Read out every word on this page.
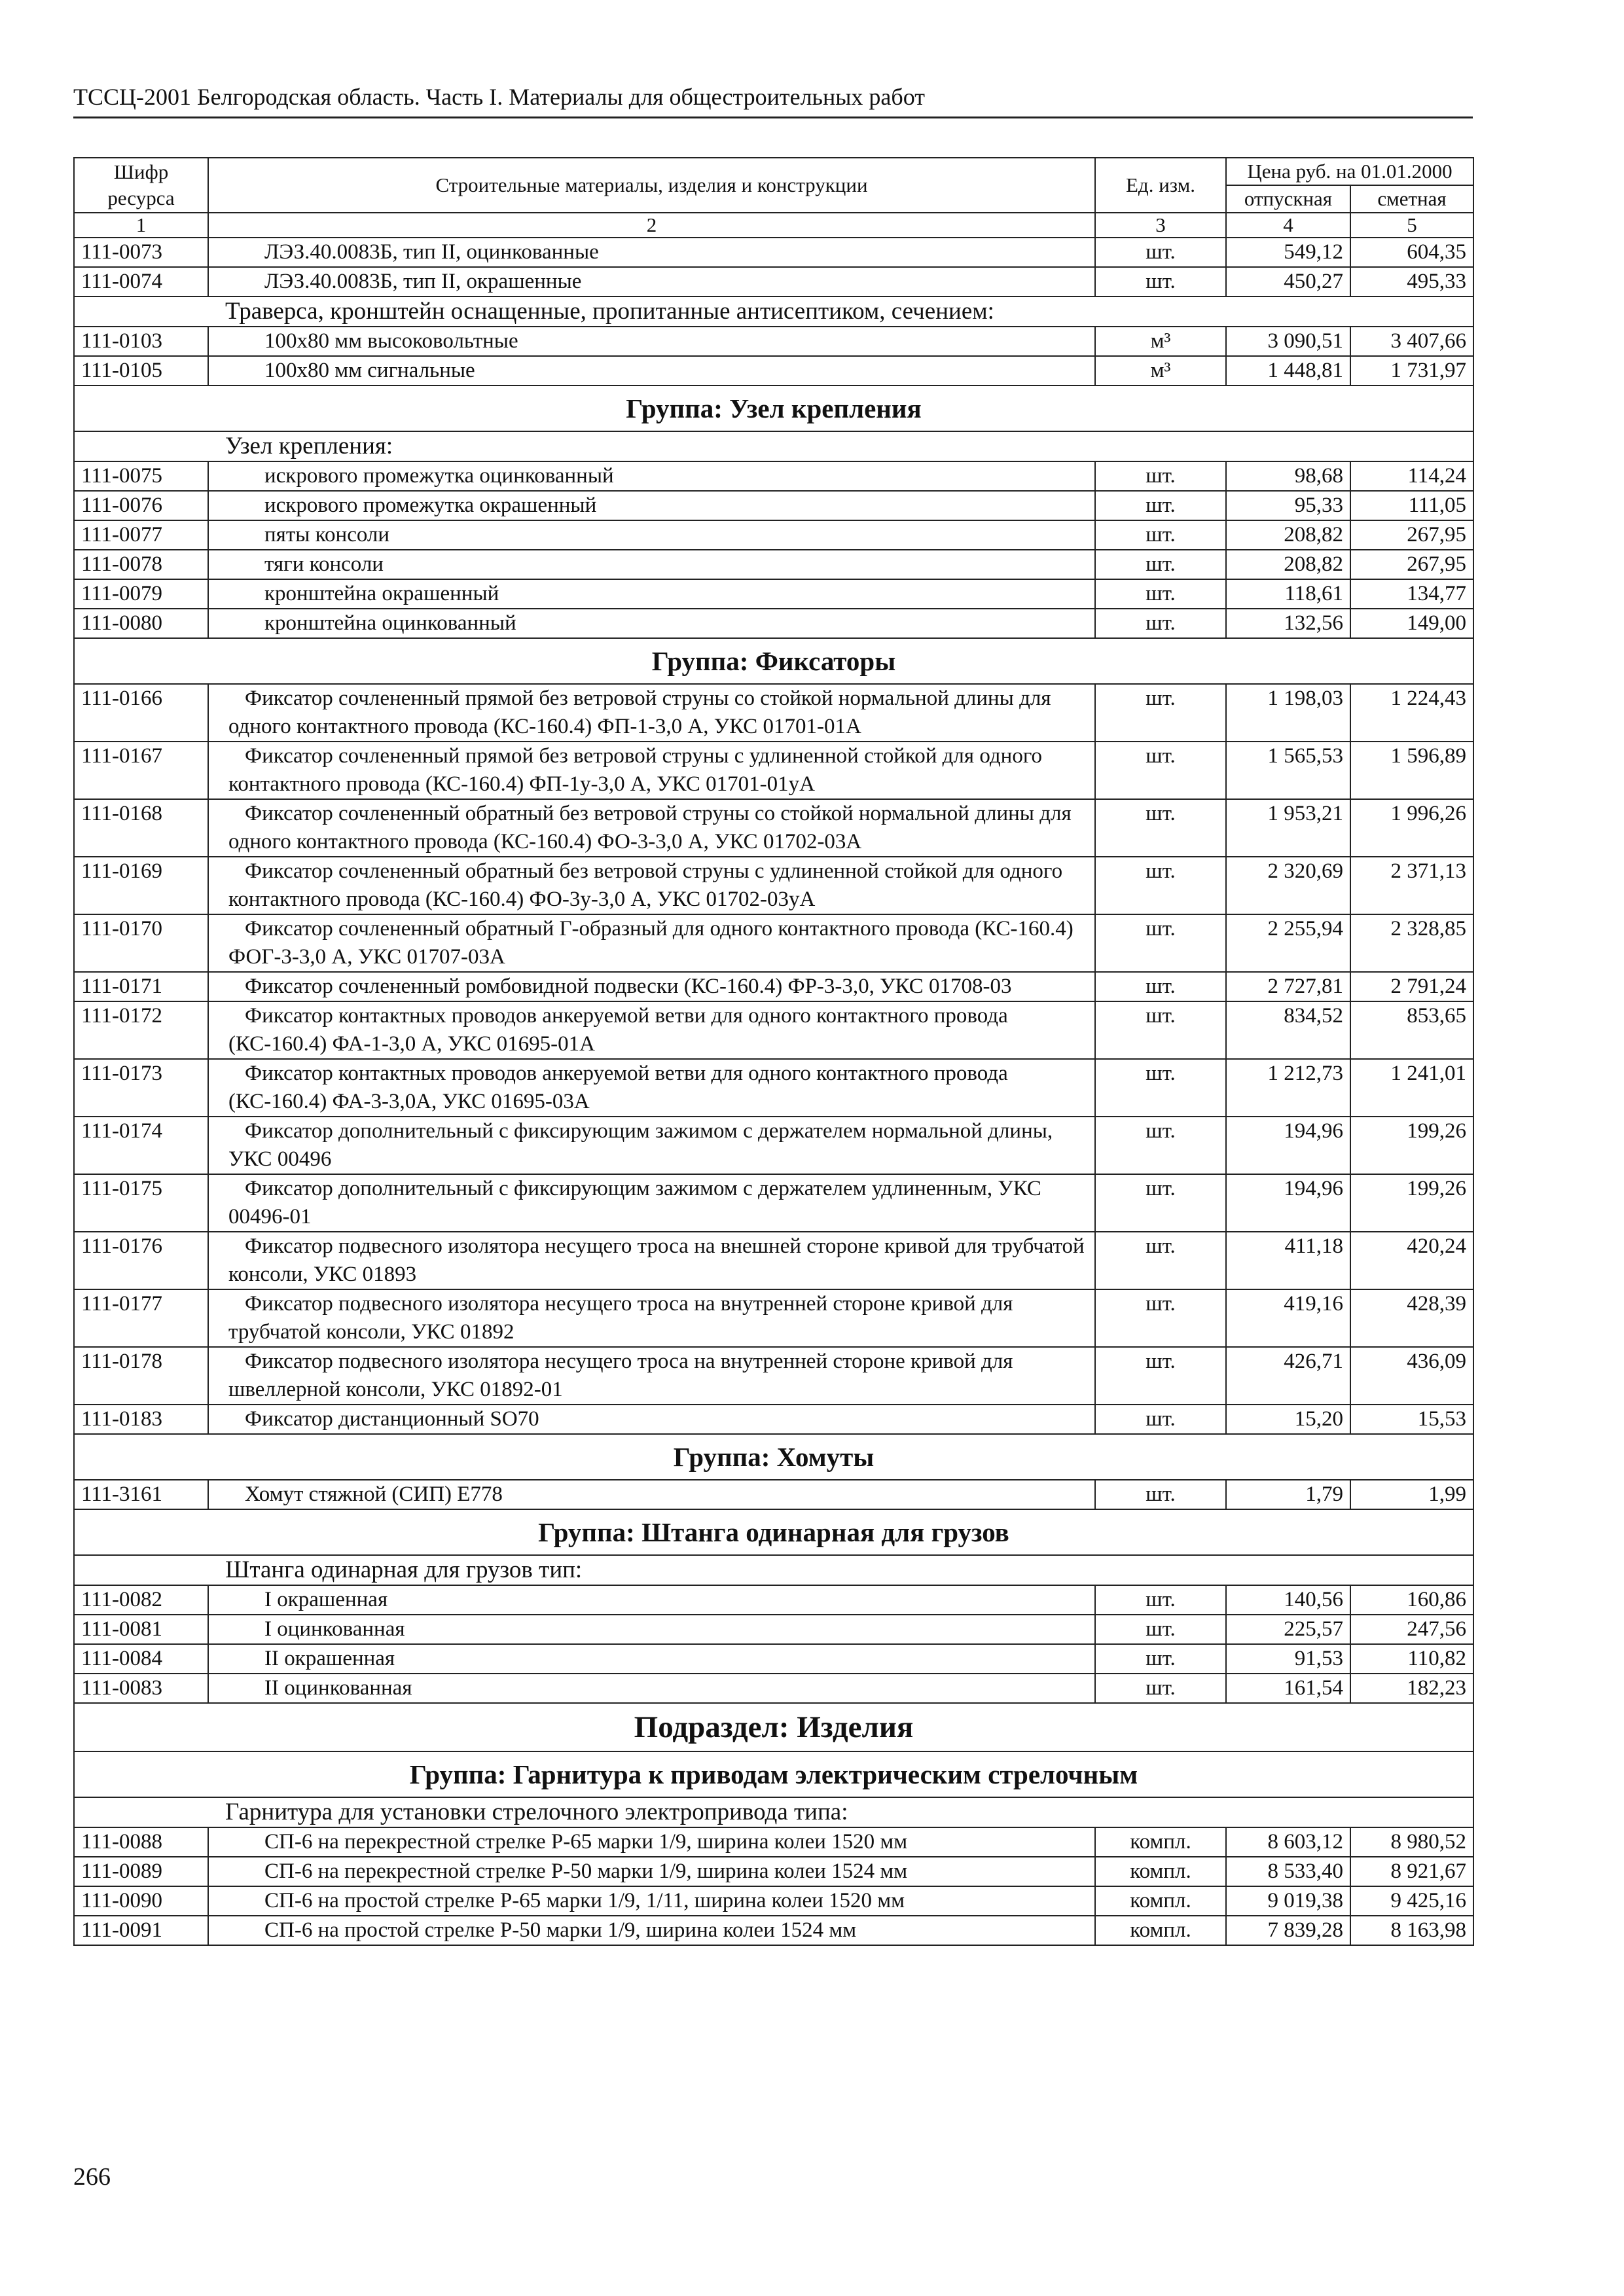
ТССЦ-2001 Белгородская область. Часть I. Материалы для общестроительных работ
Шифр ресурса	Строительные материалы, изделия и конструкции	Ед. изм.	Цена руб. на 01.01.2000	
			отпускная	сметная
1	2	3	4	5
111-0073	ЛЭЗ.40.0083Б, тип II, оцинкованные	шт.	549,12	604,35
111-0074	ЛЭЗ.40.0083Б, тип II, окрашенные	шт.	450,27	495,33
Траверса, кронштейн оснащенные, пропитанные антисептиком, сечением:				
111-0103	100х80 мм высоковольтные	м³	3 090,51	3 407,66
111-0105	100х80 мм сигнальные	м³	1 448,81	1 731,97
Группа: Узел крепления				
Узел крепления:				
111-0075	искрового промежутка оцинкованный	шт.	98,68	114,24
111-0076	искрового промежутка окрашенный	шт.	95,33	111,05
111-0077	пяты консоли	шт.	208,82	267,95
111-0078	тяги консоли	шт.	208,82	267,95
111-0079	кронштейна окрашенный	шт.	118,61	134,77
111-0080	кронштейна оцинкованный	шт.	132,56	149,00
Группа: Фиксаторы				
111-0166	Фиксатор сочлененный прямой без ветровой струны со стойкой нормальной длины для одного контактного провода (КС-160.4) ФП-1-3,0 А, УКС 01701-01А	шт.	1 198,03	1 224,43
111-0167	Фиксатор сочлененный прямой без ветровой струны с удлиненной стойкой для одного контактного провода (КС-160.4) ФП-1у-3,0 А, УКС 01701-01уА	шт.	1 565,53	1 596,89
111-0168	Фиксатор сочлененный обратный без ветровой струны со стойкой нормальной длины для одного контактного провода (КС-160.4) ФО-3-3,0 А, УКС 01702-03А	шт.	1 953,21	1 996,26
111-0169	Фиксатор сочлененный обратный без ветровой струны с удлиненной стойкой для одного контактного провода (КС-160.4) ФО-3у-3,0 А, УКС 01702-03уА	шт.	2 320,69	2 371,13
111-0170	Фиксатор сочлененный обратный Г-образный для одного контактного провода (КС-160.4) ФОГ-3-3,0 А, УКС 01707-03А	шт.	2 255,94	2 328,85
111-0171	Фиксатор сочлененный ромбовидной подвески (КС-160.4) ФР-3-3,0, УКС 01708-03	шт.	2 727,81	2 791,24
111-0172	Фиксатор контактных проводов анкеруемой ветви для одного контактного провода (КС-160.4) ФА-1-3,0 А, УКС 01695-01А	шт.	834,52	853,65
111-0173	Фиксатор контактных проводов анкеруемой ветви для одного контактного провода (КС-160.4) ФА-3-3,0А, УКС 01695-03А	шт.	1 212,73	1 241,01
111-0174	Фиксатор дополнительный с фиксирующим зажимом с держателем нормальной длины, УКС 00496	шт.	194,96	199,26
111-0175	Фиксатор дополнительный с фиксирующим зажимом с держателем удлиненным, УКС 00496-01	шт.	194,96	199,26
111-0176	Фиксатор подвесного изолятора несущего троса на внешней стороне кривой для трубчатой консоли, УКС 01893	шт.	411,18	420,24
111-0177	Фиксатор подвесного изолятора несущего троса на внутренней стороне кривой для трубчатой консоли, УКС 01892	шт.	419,16	428,39
111-0178	Фиксатор подвесного изолятора несущего троса на внутренней стороне кривой для швеллерной консоли, УКС 01892-01	шт.	426,71	436,09
111-0183	Фиксатор дистанционный SO70	шт.	15,20	15,53
Группа: Хомуты				
111-3161	Хомут стяжной (СИП) Е778	шт.	1,79	1,99
Группа: Штанга одинарная для грузов				
Штанга одинарная для грузов тип:				
111-0082	I окрашенная	шт.	140,56	160,86
111-0081	I оцинкованная	шт.	225,57	247,56
111-0084	II окрашенная	шт.	91,53	110,82
111-0083	II оцинкованная	шт.	161,54	182,23
Подраздел: Изделия				
Группа: Гарнитура к приводам электрическим стрелочным				
Гарнитура для установки стрелочного электропривода типа:				
111-0088	СП-6 на перекрестной стрелке Р-65 марки 1/9, ширина колеи 1520 мм	компл.	8 603,12	8 980,52
111-0089	СП-6 на перекрестной стрелке Р-50 марки 1/9, ширина колеи 1524 мм	компл.	8 533,40	8 921,67
111-0090	СП-6 на простой стрелке Р-65 марки 1/9, 1/11, ширина колеи 1520 мм	компл.	9 019,38	9 425,16
111-0091	СП-6 на простой стрелке Р-50 марки 1/9, ширина колеи 1524 мм	компл.	7 839,28	8 163,98
266
